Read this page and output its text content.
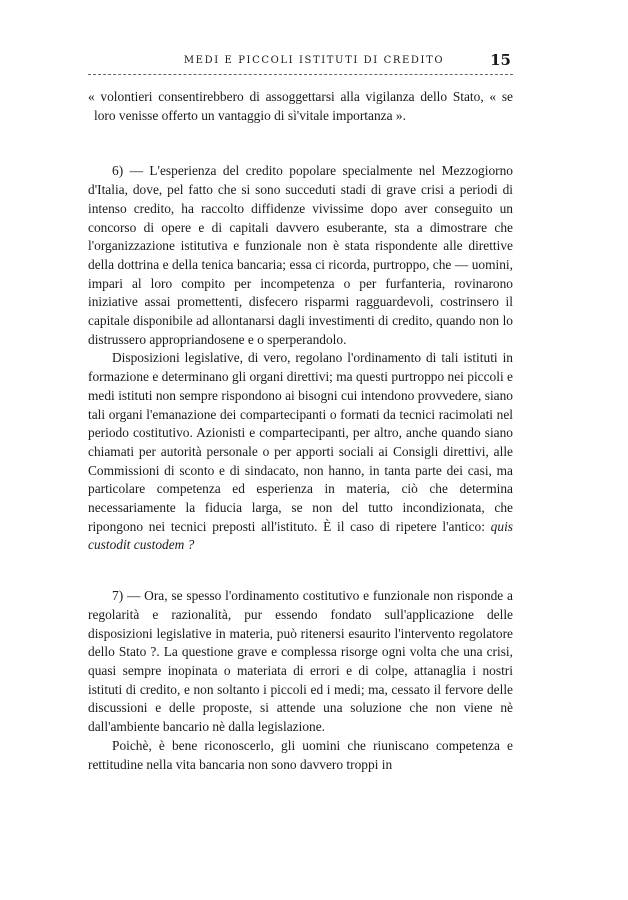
MEDI E PICCOLI ISTITUTI DI CREDITO	15

« volontieri consentirebbero di assoggettarsi alla vigilanza dello Stato, « se loro venisse offerto un vantaggio di sì'vitale importanza ».

6) — L'esperienza del credito popolare specialmente nel Mezzogiorno d'Italia, dove, pel fatto che si sono succeduti stadi di grave crisi a periodi di intenso credito, ha raccolto diffidenze vivissime dopo aver conseguito un concorso di opere e di capitali davvero esuberante, sta a dimostrare che l'organizzazione istitutiva e funzionale non è stata rispondente alle direttive della dottrina e della tenica bancaria; essa ci ricorda, purtroppo, che — uomini, impari al loro compito per incompetenza o per furfanteria, rovinarono iniziative assai promettenti, disfecero risparmi ragguardevoli, costrinsero il capitale disponibile ad allontanarsi dagli investimenti di credito, quando non lo distrussero appropriandosene e o sperperandolo.

Disposizioni legislative, di vero, regolano l'ordinamento di tali istituti in formazione e determinano gli organi direttivi; ma questi purtroppo nei piccoli e medi istituti non sempre rispondono ai bisogni cui intendono provvedere, siano tali organi l'emanazione dei compartecipanti o formati da tecnici racimolati nel periodo costitutivo. Azionisti e compartecipanti, per altro, anche quando siano chiamati per autorità personale o per apporti sociali ai Consigli direttivi, alle Commissioni di sconto e di sindacato, non hanno, in tanta parte dei casi, ma particolare competenza ed esperienza in materia, ciò che determina necessariamente la fiducia larga, se non del tutto incondizionata, che ripongono nei tecnici preposti all'istituto. È il caso di ripetere l'antico: quis custodit custodem ?

7) — Ora, se spesso l'ordinamento costitutivo e funzionale non risponde a regolarità e razionalità, pur essendo fondato sull'applicazione delle disposizioni legislative in materia, può ritenersi esaurito l'intervento regolatore dello Stato ?. La questione grave e complessa risorge ogni volta che una crisi, quasi sempre inopinata o materiata di errori e di colpe, attanaglia i nostri istituti di credito, e non soltanto i piccoli ed i medi; ma, cessato il fervore delle discussioni e delle proposte, si attende una soluzione che non viene nè dall'ambiente bancario nè dalla legislazione.

Poichè, è bene riconoscerlo, gli uomini che riuniscano competenza e rettitudine nella vita bancaria non sono davvero troppi in
